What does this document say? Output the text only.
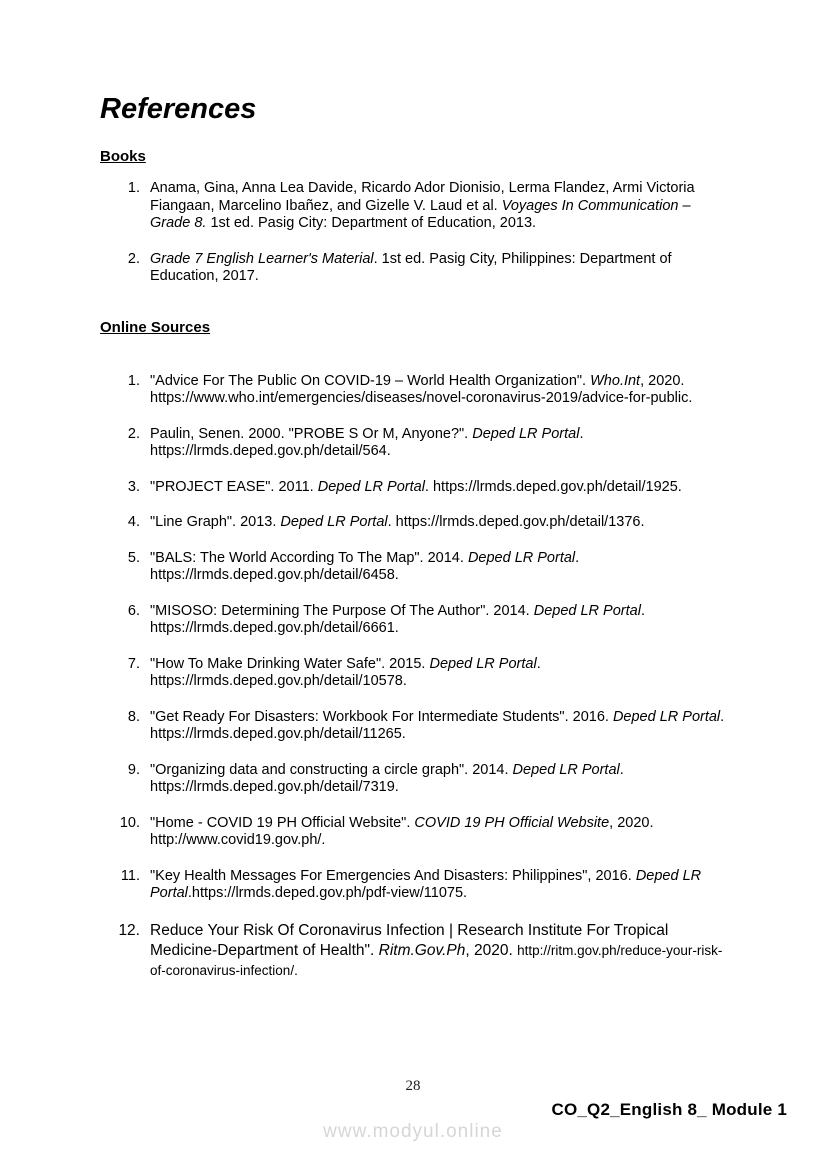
References
Books
1. Anama, Gina, Anna Lea Davide, Ricardo Ador Dionisio, Lerma Flandez, Armi Victoria Fiangaan, Marcelino Ibañez, and Gizelle V. Laud et al. Voyages In Communication – Grade 8. 1st ed. Pasig City: Department of Education, 2013.
2. Grade 7 English Learner's Material. 1st ed. Pasig City, Philippines: Department of Education, 2017.
Online Sources
1. "Advice For The Public On COVID-19 – World Health Organization". Who.Int, 2020. https://www.who.int/emergencies/diseases/novel-coronavirus-2019/advice-for-public.
2. Paulin, Senen. 2000. "PROBE S Or M, Anyone?". Deped LR Portal. https://lrmds.deped.gov.ph/detail/564.
3. "PROJECT EASE". 2011. Deped LR Portal. https://lrmds.deped.gov.ph/detail/1925.
4. "Line Graph". 2013. Deped LR Portal. https://lrmds.deped.gov.ph/detail/1376.
5. "BALS: The World According To The Map". 2014. Deped LR Portal. https://lrmds.deped.gov.ph/detail/6458.
6. "MISOSO: Determining The Purpose Of The Author". 2014. Deped LR Portal. https://lrmds.deped.gov.ph/detail/6661.
7. "How To Make Drinking Water Safe". 2015. Deped LR Portal. https://lrmds.deped.gov.ph/detail/10578.
8. "Get Ready For Disasters: Workbook For Intermediate Students". 2016. Deped LR Portal. https://lrmds.deped.gov.ph/detail/11265.
9. "Organizing data and constructing a circle graph". 2014. Deped LR Portal. https://lrmds.deped.gov.ph/detail/7319.
10. "Home - COVID 19 PH Official Website". COVID 19 PH Official Website, 2020. http://www.covid19.gov.ph/.
11. "Key Health Messages For Emergencies And Disasters: Philippines", 2016. Deped LR Portal.https://lrmds.deped.gov.ph/pdf-view/11075.
12. Reduce Your Risk Of Coronavirus Infection | Research Institute For Tropical Medicine-Department of Health". Ritm.Gov.Ph, 2020. http://ritm.gov.ph/reduce-your-risk-of-coronavirus-infection/.
28
CO_Q2_English 8_ Module 1
www.modyul.online
